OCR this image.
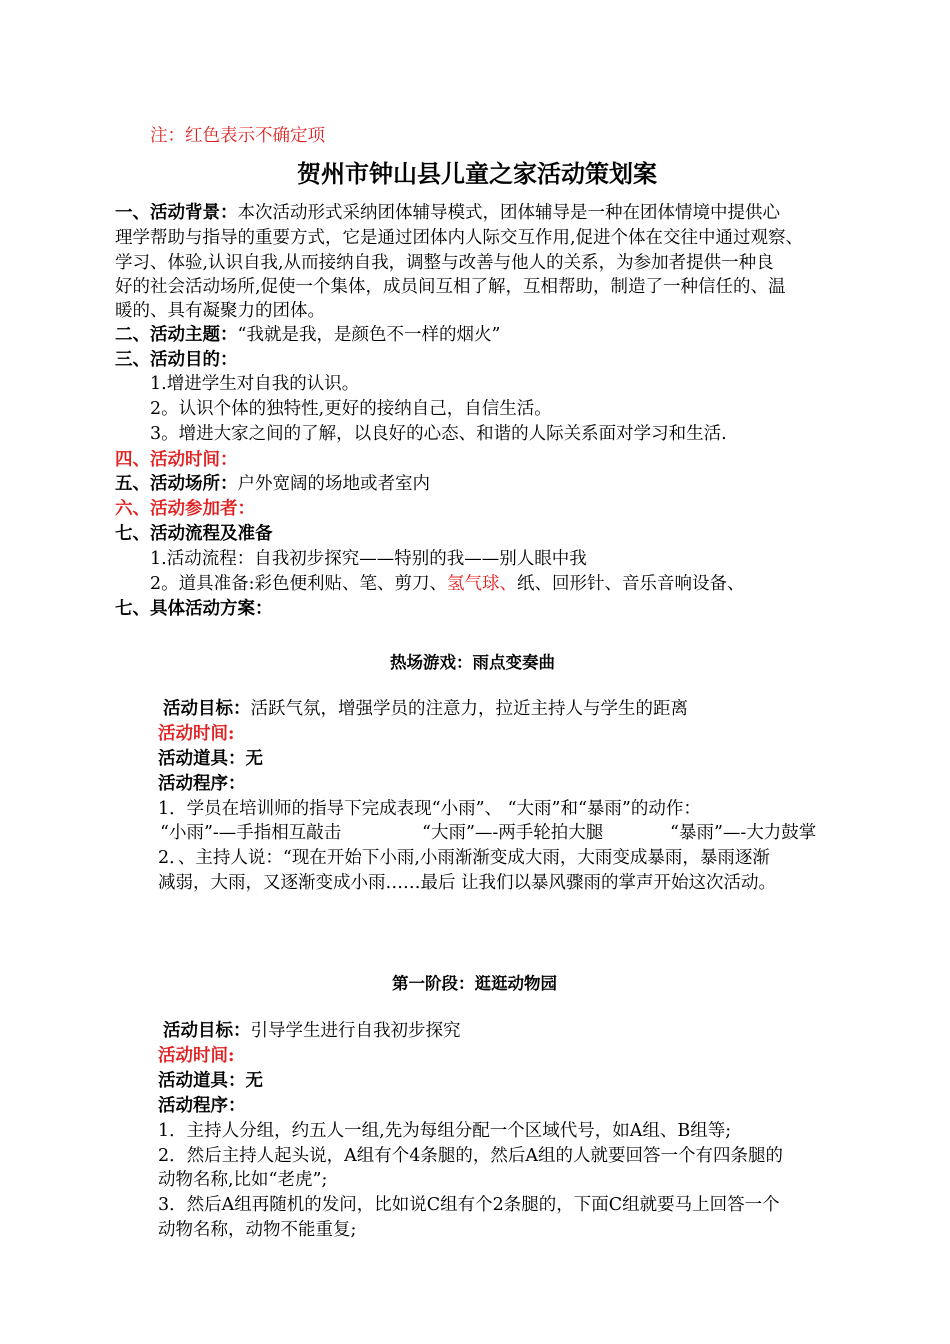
注：红色表示不确定项
贺州市钟山县儿童之家活动策划案
一、活动背景：本次活动形式采纳团体辅导模式，团体辅导是一种在团体情境中提供心
理学帮助与指导的重要方式，它是通过团体内人际交互作用,促进个体在交往中通过观察、
学习、体验,认识自我,从而接纳自我，调整与改善与他人的关系，为参加者提供一种良
好的社会活动场所,促使一个集体，成员间互相了解，互相帮助，制造了一种信任的、温
暖的、具有凝聚力的团体。
二、活动主题：“我就是我，是颜色不一样的烟火”
三、活动目的：
1.增进学生对自我的认识。
2。认识个体的独特性,更好的接纳自己，自信生活。
3。增进大家之间的了解，以良好的心态、和谐的人际关系面对学习和生活.
四、活动时间：
五、活动场所：户外宽阔的场地或者室内
六、活动参加者：
七、活动流程及准备
1.活动流程：自我初步探究——特别的我——别人眼中我
2。道具准备:彩色便利贴、笔、剪刀、氢气球、纸、回形针、音乐音响设备、
七、具体活动方案：
热场游戏：雨点变奏曲
活动目标：活跃气氛，增强学员的注意力，拉近主持人与学生的距离
活动时间:
活动道具：无
活动程序：
1．学员在培训师的指导下完成表现“小雨”、 “大雨”和“暴雨”的动作：
“小雨”-—手指相互敲击	“大雨”—-两手轮拍大腿	“暴雨”—-大力鼓掌
2．、主持人说：“现在开始下小雨,小雨渐渐变成大雨，大雨变成暴雨，暴雨逐渐
减弱，大雨，又逐渐变成小雨……最后 让我们以暴风骤雨的掌声开始这次活动。
第一阶段：逛逛动物园
活动目标：引导学生进行自我初步探究
活动时间:
活动道具：无
活动程序：
1．主持人分组，约五人一组,先为每组分配一个区域代号，如A组、B组等;
2．然后主持人起头说，A组有个4条腿的，然后A组的人就要回答一个有四条腿的
动物名称,比如“老虎”;
3．然后A组再随机的发问，比如说C组有个2条腿的，下面C组就要马上回答一个
动物名称，动物不能重复;
